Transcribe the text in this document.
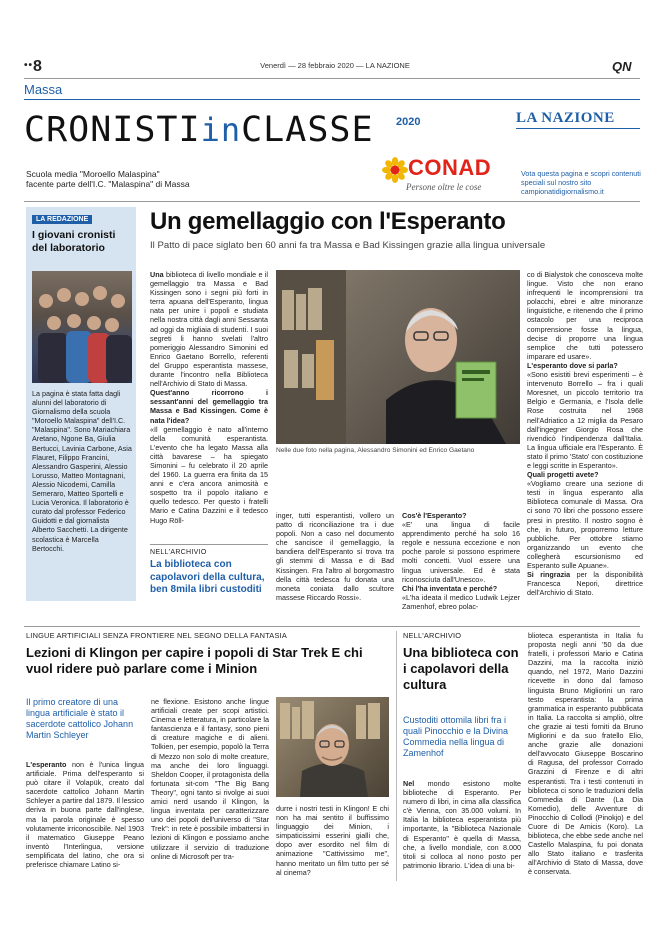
••8	Venerdì — 28 febbraio 2020 — LA NAZIONE	QN
Massa
CRONISTIinCLASSE 2020	LA NAZIONE
Scuola media "Moroello Malaspina"
facente parte dell'I.C. "Malaspina" di Massa
CONAD
Persone oltre le cose
Vota questa pagina e scopri contenuti speciali sul nostro sito campionatidigiornalismo.it
LA REDAZIONE
I giovani cronisti del laboratorio
La pagina è stata fatta dagli alunni del laboratorio di Giornalismo della scuola "Moroello Malaspina" dell'I.C. "Malaspina". Sono Mariachiara Aretano, Ngone Ba, Giulia Bertucci, Lavinia Carbone, Asia Flauret, Filippo Francini, Alessandro Gasperini, Alessio Lorusso, Matteo Montagnani, Alessio Nicodemi, Camilla Semeraro, Matteo Sportelli e Lucia Veronica. Il laboratorio è curato dal professor Federico Guidotti e dal giornalista Alberto Sacchetti. La dirigente scolastica è Marcella Bertocchi.
Un gemellaggio con l'Esperanto
Il Patto di pace siglato ben 60 anni fa tra Massa e Bad Kissingen grazie alla lingua universale

Una biblioteca di livello mondiale e il gemellaggio tra Massa e Bad Kissingen sono i segni più forti in terra apuana dell'Esperanto, lingua nata per unire i popoli e studiata nella nostra città dagli anni Sessanta ad oggi da migliaia di studenti. I suoi segreti li hanno svelati l'altro pomeriggio Alessandro Simonini ed Enrico Gaetano Borrello, referenti del Gruppo esperantista massese, durante l'incontro nella Biblioteca nell'Archivio di Stato di Massa.

Quest'anno ricorrono i sessant'anni del gemellaggio tra Massa e Bad Kissingen. Come è nata l'idea?

«Il gemellaggio è nato all'interno della comunità esperantista. L'evento che ha legato Massa alla città bavarese – ha spiegato Simonini – fu celebrato il 20 aprile del 1960. La guerra era finita da 15 anni e c'era ancora animosità e sospetto tra il popolo italiano e quello tedesco. Per questo i fratelli Mario e Catina Dazzini e il tedesco Hugo Röll-

Nelle due foto nella pagina, Alessandro Simonini ed Enrico Gaetano

inger, tutti esperantisti, vollero un patto di riconciliazione tra i due popoli. Non a caso nel documento che sancisce il gemellaggio, la bandiera dell'Esperanto si trova tra gli stemmi di Massa e di Bad Kissingen. Fra l'altro al borgomastro della città tedesca fu donata una moneta coniata dallo scultore massese Riccardo Rossi».

Cos'è l'Esperanto?

«E' una lingua di facile apprendimento perché ha solo 16 regole e nessuna eccezione e non poche parole si possono esprimere molti concetti. Vuol essere una lingua universale. Ed è stata riconosciuta dall'Unesco».

Chi l'ha inventata e perché?

«L'ha ideata il medico Ludwik Lejzer Zamenhof, ebreo polac-

co di Bialystok che conosceva molte lingue. Visto che non erano infrequenti le incomprensioni tra polacchi, ebrei e altre minoranze linguistiche, e ritenendo che il primo ostacolo per una reciproca comprensione fosse la lingua, decise di proporre una lingua semplice che tutti potessero imparare ed usare».

L'esperanto dove si parla?

«Sono esistiti brevi esperimenti – è intervenuto Borrello – fra i quali Moresnet, un piccolo territorio tra Belgio e Germania, e l'Isola delle Rose costruita nel 1968 nell'Adriatico a 12 miglia da Pesaro dall'ingegner Giorgio Rosa che rivendicò l'indipendenza dall'Italia. La lingua ufficiale era l'Esperanto. È stato il primo 'Stato' con costituzione e leggi scritte in Esperanto».

Quali progetti avete?

«Vogliamo creare una sezione di testi in lingua esperanto alla Biblioteca comunale di Massa. Ora ci sono 70 libri che possono essere presi in prestito. Il nostro sogno è che, in futuro, proporremo letture pubbliche. Per ottobre stiamo organizzando un evento che collegherà escursionismo ed Esperanto sulle Apuane».

Si ringrazia per la disponibilità Francesca Nepori, direttrice dell'Archivio di Stato.

NELL'ARCHIVIO
La biblioteca con capolavori della cultura, ben 8mila libri custoditi
LINGUE ARTIFICIALI SENZA FRONTIERE NEL SEGNO DELLA FANTASIA
Lezioni di Klingon per capire i popoli di Star Trek E chi vuol ridere può parlare come i Minion
Il primo creatore di una lingua artificiale è stato il sacerdote cattolico Johann Martin Schleyer

L'esperanto non è l'unica lingua artificiale. Prima dell'esperanto si può citare il Volapük, creato dal sacerdote cattolico Johann Martin Schleyer a partire dal 1879. Il lessico deriva in buona parte dall'inglese, ma la parola originale è spesso volutamente irriconoscibile. Nel 1903 il matematico Giuseppe Peano inventò l'Interlingua, versione semplificata del latino, che ora si preferisce chiamare Latino si-

ne flexione. Esistono anche lingue artificiali create per scopi artistici. Cinema e letteratura, in particolare la fantascienza e il fantasy, sono pieni di creature magiche e di alieni. Tolkien, per esempio, popolò la Terra di Mezzo non solo di molte creature, ma anche dei loro linguaggi. Sheldon Cooper, il protagonista della fortunata sit-com "The Big Bang Theory", ogni tanto si rivolge ai suoi amici nerd usando il Klingon, la lingua inventata per caratterizzare uno dei popoli dell'universo di "Star Trek": in rete è possibile imbattersi in lezioni di Klingon e possiamo anche utilizzare il servizio di traduzione online di Microsoft per tra-

durre i nostri testi in Klingon! E chi non ha mai sentito il buffissimo linguaggio dei Minion, i simpaticissimi esserini gialli che, dopo aver esordito nel film di animazione "Cattivissimo me", hanno meritato un film tutto per sé al cinema?

NELL'ARCHIVIO
Una biblioteca con i capolavori della cultura
Custoditi ottomila libri fra i quali Pinocchio e la Divina Commedia nella lingua di Zamenhof

Nel mondo esistono molte biblioteche di Esperanto. Per numero di libri, in cima alla classifica c'è Vienna, con 35.000 volumi. In Italia la biblioteca esperantista più importante, la "Biblioteca Nazionale di Esperanto" è quella di Massa, che, a livello mondiale, con 8.000 titoli si colloca al nono posto per patrimonio librario. L'idea di una bi-

blioteca esperantista in Italia fu proposta negli anni '50 da due fratelli, i professori Mario e Catina Dazzini, ma la raccolta iniziò quando, nel 1972, Mario Dazzini ricevette in dono dal famoso linguista Bruno Migliorini un raro testo esperantista: la prima grammatica in esperanto pubblicata in Italia. La raccolta si ampliò, oltre che grazie ai testi forniti da Bruno Migliorini e da suo fratello Elio, anche grazie alle donazioni dell'avvocato Giuseppe Boscarino di Ragusa, del professor Corrado Grazzini di Firenze e di altri esperantisti. Tra i testi contenuti in biblioteca ci sono le traduzioni della Commedia di Dante (La Dia Komedio), delle Avventure di Pinocchio di Collodi (Pinokjo) e del Cuore di De Amicis (Koro). La biblioteca, che ebbe sede anche nel Castello Malaspina, fu poi donata allo Stato italiano e trasferita all'Archivio di Stato di Massa, dove è conservata.
